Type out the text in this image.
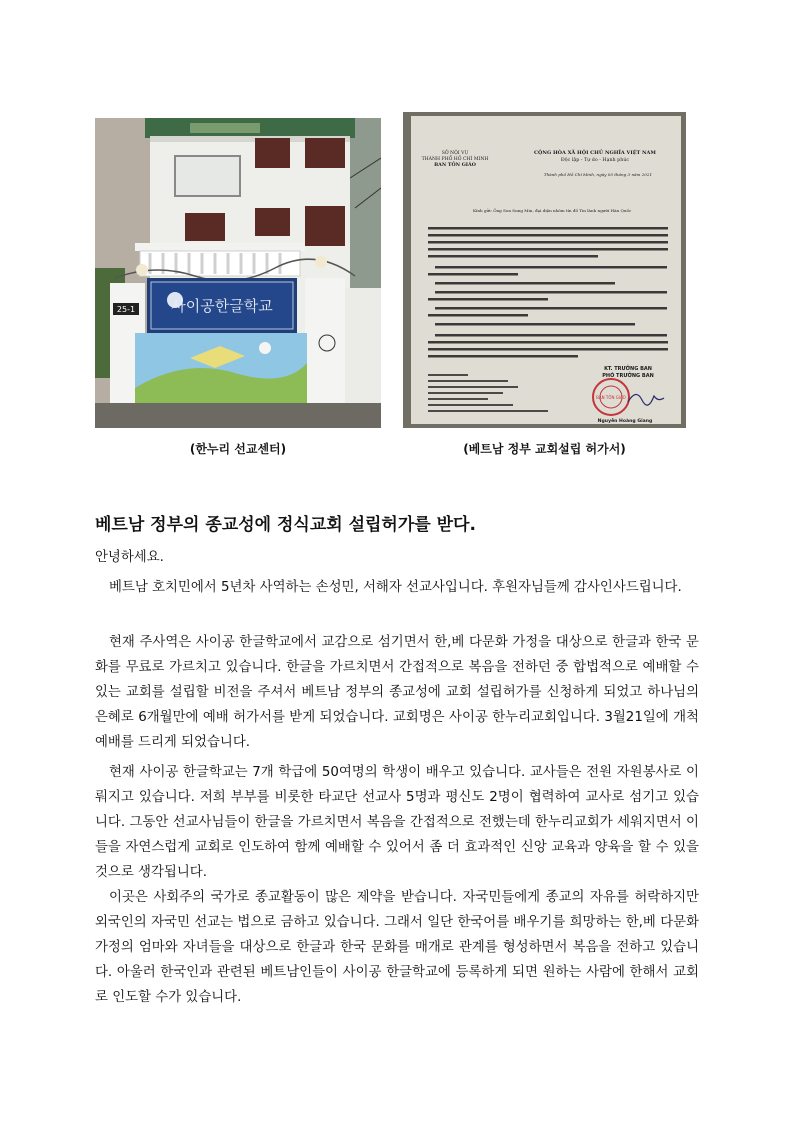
25-1 사이공한글학교
SỞ NỘI VỤ
THÀNH PHỐ HỒ CHÍ MINH
BAN TÔN GIÁO
CỘNG HÒA XÃ HỘI CHỦ NGHĨA VIỆT NAM
Độc lập - Tự do - Hạnh phúc
Thành phố Hồ Chí Minh, ngày 05 tháng 3 năm 2021
Kính gửi: Ông Son Sung Min, đại diện nhóm tín đồ Tin lành người Hàn Quốc
KT. TRƯỞNG BAN
PHÓ TRƯỞNG BAN
Nguyễn Hoàng Giang
BAN TÔN GIÁO
(한누리 선교센터)	(베트남 정부 교회설립 허가서)
베트남 정부의 종교성에 정식교회 설립허가를 받다.

안녕하세요.

베트남 호치민에서 5년차 사역하는 손성민, 서해자 선교사입니다. 후원자님들께 감사인사드립니다.

현재 주사역은 사이공 한글학교에서 교감으로 섬기면서 한,베 다문화 가정을 대상으로 한글과 한국 문화를 무료로 가르치고 있습니다. 한글을 가르치면서 간접적으로 복음을 전하던 중 합법적으로 예배할 수 있는 교회를 설립할 비전을 주셔서 베트남 정부의 종교성에 교회 설립허가를 신청하게 되었고 하나님의 은혜로 6개월만에 예배 허가서를 받게 되었습니다. 교회명은 사이공 한누리교회입니다. 3월21일에 개척 예배를 드리게 되었습니다.

현재 사이공 한글학교는 7개 학급에 50여명의 학생이 배우고 있습니다. 교사들은 전원 자원봉사로 이뤄지고 있습니다. 저희 부부를 비롯한 타교단 선교사 5명과 평신도 2명이 협력하여 교사로 섬기고 있습니다. 그동안 선교사님들이 한글을 가르치면서 복음을 간접적으로 전했는데 한누리교회가 세워지면서 이들을 자연스럽게 교회로 인도하여 함께 예배할 수 있어서 좀 더 효과적인 신앙 교육과 양육을 할 수 있을 것으로 생각됩니다.

이곳은 사회주의 국가로 종교활동이 많은 제약을 받습니다. 자국민들에게 종교의 자유를 허락하지만 외국인의 자국민 선교는 법으로 금하고 있습니다. 그래서 일단 한국어를 배우기를 희망하는 한,베 다문화 가정의 엄마와 자녀들을 대상으로 한글과 한국 문화를 매개로 관계를 형성하면서 복음을 전하고 있습니다. 아울러 한국인과 관련된 베트남인들이 사이공 한글학교에 등록하게 되면 원하는 사람에 한해서 교회로 인도할 수가 있습니다.
